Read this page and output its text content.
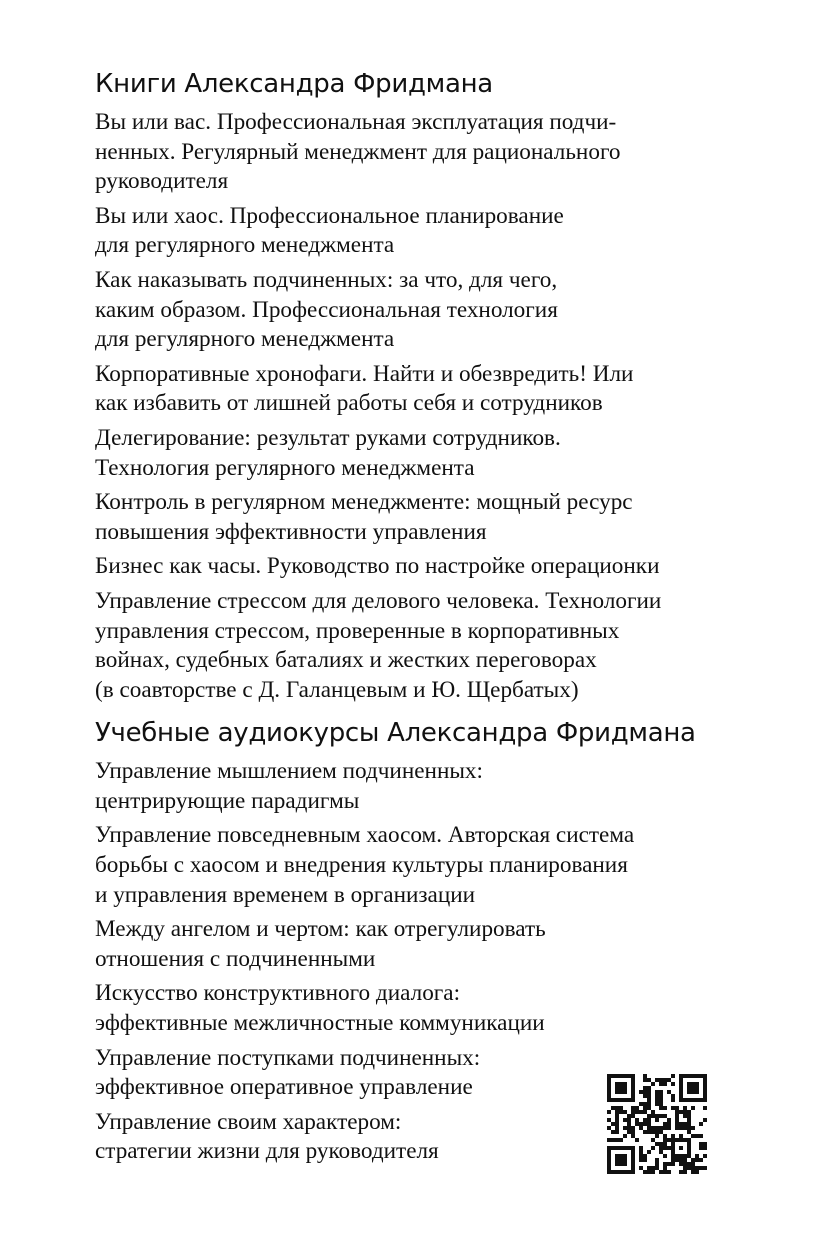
Книги Александра Фридмана
Вы или вас. Профессиональная эксплуатация подчи-
ненных. Регулярный менеджмент для рационального
руководителя
Вы или хаос. Профессиональное планирование
для регулярного менеджмента
Как наказывать подчиненных: за что, для чего,
каким образом. Профессиональная технология
для регулярного менеджмента
Корпоративные хронофаги. Найти и обезвредить! Или
как избавить от лишней работы себя и сотрудников
Делегирование: результат руками сотрудников.
Технология регулярного менеджмента
Контроль в регулярном менеджменте: мощный ресурс
повышения эффективности управления
Бизнес как часы. Руководство по настройке операционки
Управление стрессом для делового человека. Технологии
управления стрессом, проверенные в корпоративных
войнах, судебных баталиях и жестких переговорах
(в соавторстве с Д. Галанцевым и Ю. Щербатых)
Учебные аудиокурсы Александра Фридмана
Управление мышлением подчиненных:
центрирующие парадигмы
Управление повседневным хаосом. Авторская система
борьбы с хаосом и внедрения культуры планирования
и управления временем в организации
Между ангелом и чертом: как отрегулировать
отношения с подчиненными
Искусство конструктивного диалога:
эффективные межличностные коммуникации
Управление поступками подчиненных:
эффективное оперативное управление
Управление своим характером:
стратегии жизни для руководителя
